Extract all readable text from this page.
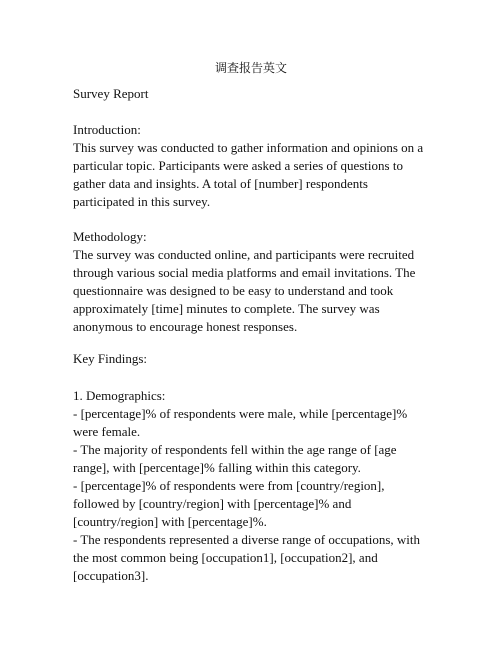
调查报告英文
Survey Report
Introduction:
This survey was conducted to gather information and opinions on a
particular topic. Participants were asked a series of questions to
gather data and insights. A total of [number] respondents
participated in this survey.
Methodology:
The survey was conducted online, and participants were recruited
through various social media platforms and email invitations. The
questionnaire was designed to be easy to understand and took
approximately [time] minutes to complete. The survey was
anonymous to encourage honest responses.
Key Findings:
1. Demographics:
- [percentage]% of respondents were male, while [percentage]%
were female.
- The majority of respondents fell within the age range of [age
range], with [percentage]% falling within this category.
- [percentage]% of respondents were from [country/region],
followed by [country/region] with [percentage]% and
[country/region] with [percentage]%.
- The respondents represented a diverse range of occupations, with
the most common being [occupation1], [occupation2], and
[occupation3].
